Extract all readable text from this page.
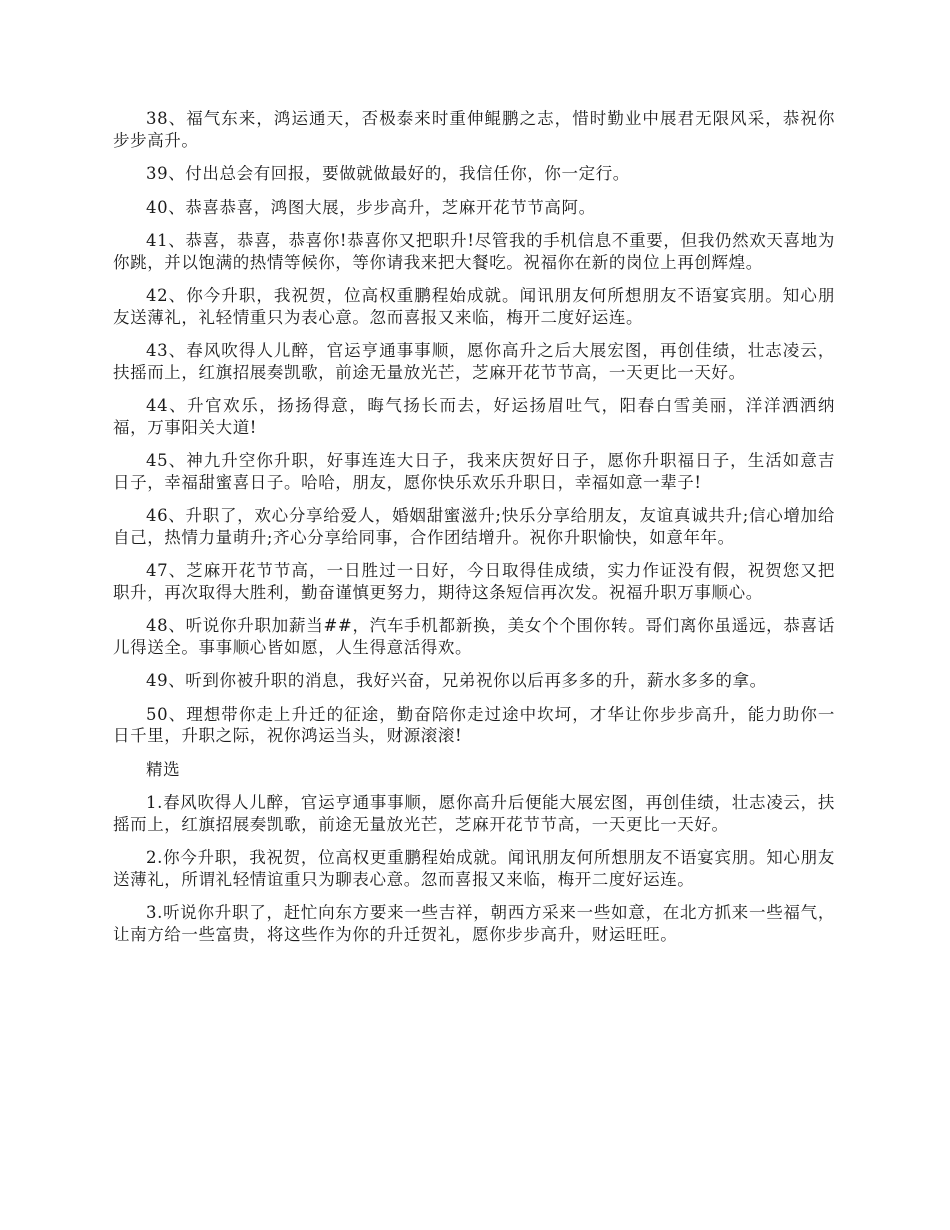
38、福气东来，鸿运通天，否极泰来时重伸鲲鹏之志，惜时勤业中展君无限风采，恭祝你步步高升。

39、付出总会有回报，要做就做最好的，我信任你，你一定行。

40、恭喜恭喜，鸿图大展，步步高升，芝麻开花节节高阿。

41、恭喜，恭喜，恭喜你!恭喜你又把职升!尽管我的手机信息不重要，但我仍然欢天喜地为你跳，并以饱满的热情等候你，等你请我来把大餐吃。祝福你在新的岗位上再创辉煌。

42、你今升职，我祝贺，位高权重鹏程始成就。闻讯朋友何所想朋友不语宴宾朋。知心朋友送薄礼，礼轻情重只为表心意。忽而喜报又来临，梅开二度好运连。

43、春风吹得人儿醉，官运亨通事事顺，愿你高升之后大展宏图，再创佳绩，壮志凌云，扶摇而上，红旗招展奏凯歌，前途无量放光芒，芝麻开花节节高，一天更比一天好。

44、升官欢乐，扬扬得意，晦气扬长而去，好运扬眉吐气，阳春白雪美丽，洋洋洒洒纳福，万事阳关大道!

45、神九升空你升职，好事连连大日子，我来庆贺好日子，愿你升职福日子，生活如意吉日子，幸福甜蜜喜日子。哈哈，朋友，愿你快乐欢乐升职日，幸福如意一辈子!

46、升职了，欢心分享给爱人，婚姻甜蜜滋升;快乐分享给朋友，友谊真诚共升;信心增加给自己，热情力量萌升;齐心分享给同事，合作团结增升。祝你升职愉快，如意年年。

47、芝麻开花节节高，一日胜过一日好，今日取得佳成绩，实力作证没有假，祝贺您又把职升，再次取得大胜利，勤奋谨慎更努力，期待这条短信再次发。祝福升职万事顺心。

48、听说你升职加薪当##，汽车手机都新换，美女个个围你转。哥们离你虽遥远，恭喜话儿得送全。事事顺心皆如愿，人生得意活得欢。

49、听到你被升职的消息，我好兴奋，兄弟祝你以后再多多的升，薪水多多的拿。

50、理想带你走上升迁的征途，勤奋陪你走过途中坎坷，才华让你步步高升，能力助你一日千里，升职之际，祝你鸿运当头，财源滚滚!

精选

1.春风吹得人儿醉，官运亨通事事顺，愿你高升后便能大展宏图，再创佳绩，壮志凌云，扶摇而上，红旗招展奏凯歌，前途无量放光芒，芝麻开花节节高，一天更比一天好。

2.你今升职，我祝贺，位高权更重鹏程始成就。闻讯朋友何所想朋友不语宴宾朋。知心朋友送薄礼，所谓礼轻情谊重只为聊表心意。忽而喜报又来临，梅开二度好运连。

3.听说你升职了，赶忙向东方要来一些吉祥，朝西方采来一些如意，在北方抓来一些福气，让南方给一些富贵，将这些作为你的升迁贺礼，愿你步步高升，财运旺旺。
